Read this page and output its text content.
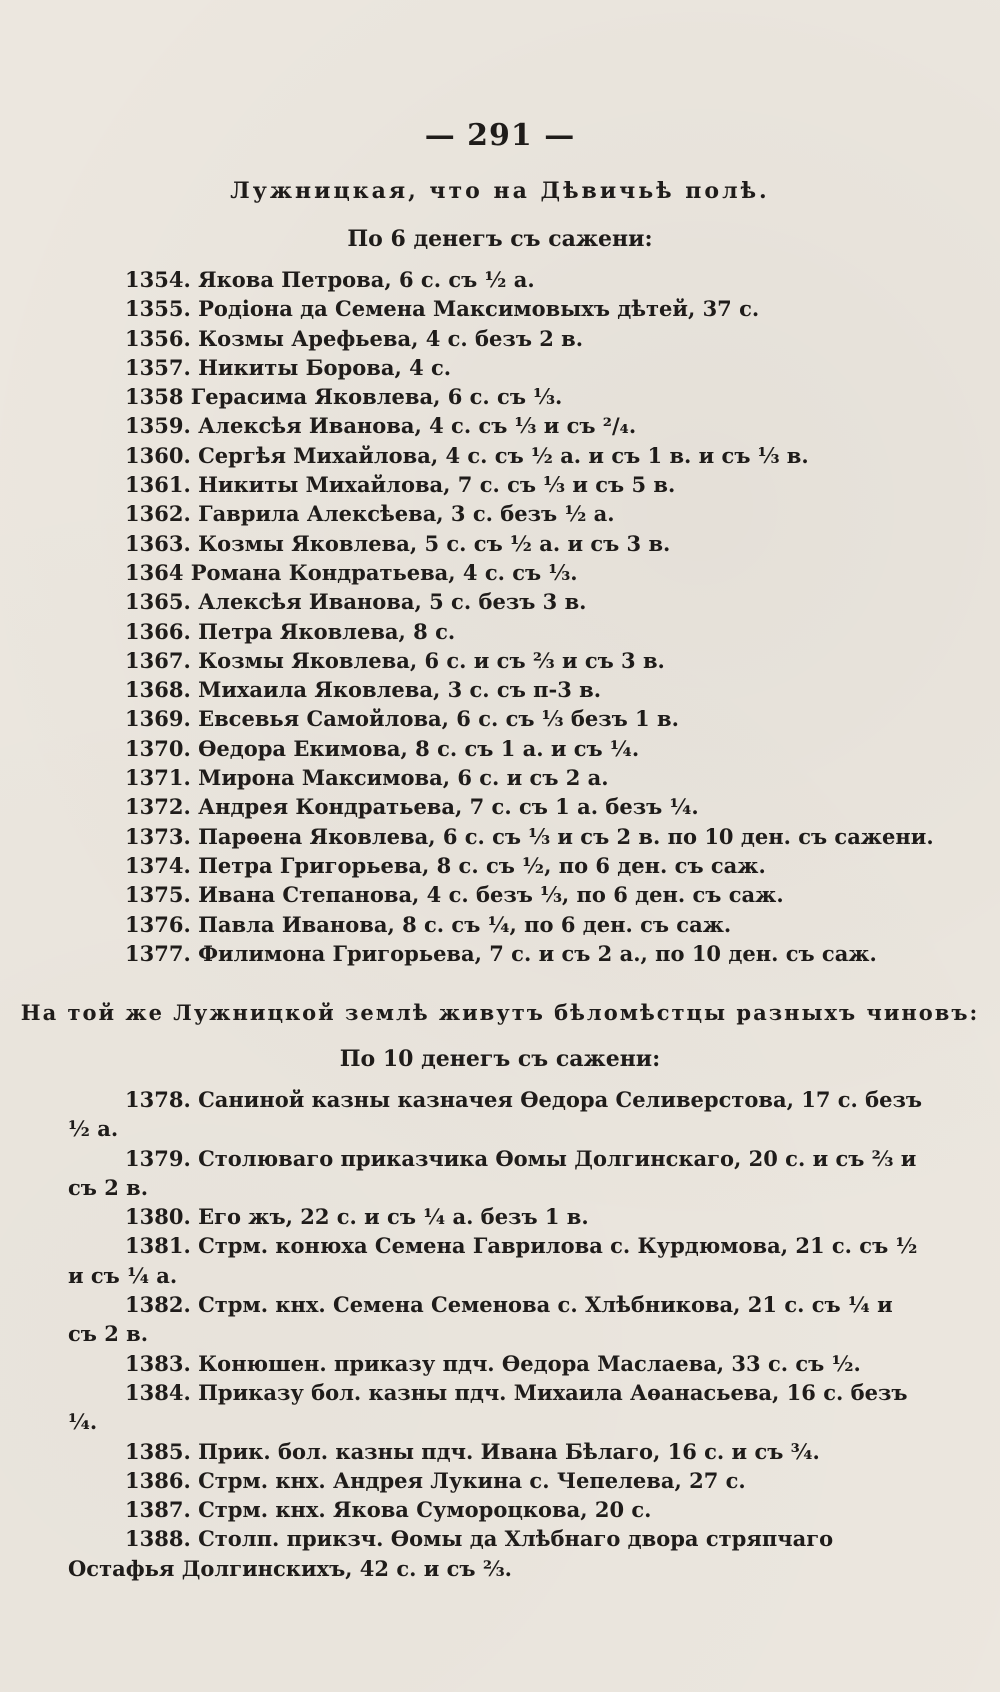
— 291 —
Лужницкая, что на Дѣвичьѣ полѣ.
По 6 денегъ съ сажени:
1354. Якова Петрова, 6 с. съ ½ а.
1355. Родіона да Семена Максимовыхъ дѣтей, 37 с.
1356. Козмы Арефьева, 4 с. безъ 2 в.
1357. Никиты Борова, 4 с.
1358 Герасима Яковлева, 6 с. съ ⅓.
1359. Алексѣя Иванова, 4 с. съ ⅓ и съ ²/₄.
1360. Сергѣя Михайлова, 4 с. съ ½ а. и съ 1 в. и съ ⅓ в.
1361. Никиты Михайлова, 7 с. съ ⅓ и съ 5 в.
1362. Гаврила Алексѣева, 3 с. безъ ½ а.
1363. Козмы Яковлева, 5 с. съ ½ а. и съ 3 в.
1364 Романа Кондратьева, 4 с. съ ⅓.
1365. Алексѣя Иванова, 5 с. безъ 3 в.
1366. Петра Яковлева, 8 с.
1367. Козмы Яковлева, 6 с. и съ ⅔ и съ 3 в.
1368. Михаила Яковлева, 3 с. съ п-3 в.
1369. Евсевья Самойлова, 6 с. съ ⅓ безъ 1 в.
1370. Ѳедора Екимова, 8 с. съ 1 а. и съ ¼.
1371. Мирона Максимова, 6 с. и съ 2 а.
1372. Андрея Кондратьева, 7 с. съ 1 а. безъ ¼.
1373. Парѳена Яковлева, 6 с. съ ⅓ и съ 2 в. по 10 ден. съ сажени.
1374. Петра Григорьева, 8 с. съ ½, по 6 ден. съ саж.
1375. Ивана Степанова, 4 с. безъ ⅓, по 6 ден. съ саж.
1376. Павла Иванова, 8 с. съ ¼, по 6 ден. съ саж.
1377. Филимона Григорьева, 7 с. и съ 2 а., по 10 ден. съ саж.
На той же Лужницкой землѣ живутъ бѣломѣстцы разныхъ чиновъ:
По 10 денегъ съ сажени:
1378. Саниной казны казначея Ѳедора Селиверстова, 17 с. безъ ½ а.
1379. Столюваго приказчика Ѳомы Долгинскаго, 20 с. и съ ⅔ и съ 2 в.
1380. Его жъ, 22 с. и съ ¼ а. безъ 1 в.
1381. Стрм. конюха Семена Гаврилова с. Курдюмова, 21 с. съ ½ и съ ¼ а.
1382. Стрм. кнх. Семена Семенова с. Хлѣбникова, 21 с. съ ¼ и съ 2 в.
1383. Конюшен. приказу пдч. Ѳедора Маслаева, 33 с. съ ½.
1384. Приказу бол. казны пдч. Михаила Аѳанасьева, 16 с. безъ ¼.
1385. Прик. бол. казны пдч. Ивана Бѣлаго, 16 с. и съ ¾.
1386. Стрм. кнх. Андрея Лукина с. Чепелева, 27 с.
1387. Стрм. кнх. Якова Сумороцкова, 20 с.
1388. Столп. прикзч. Ѳомы да Хлѣбнаго двора стряпчаго Остафья Долгинскихъ, 42 с. и съ ⅔.
